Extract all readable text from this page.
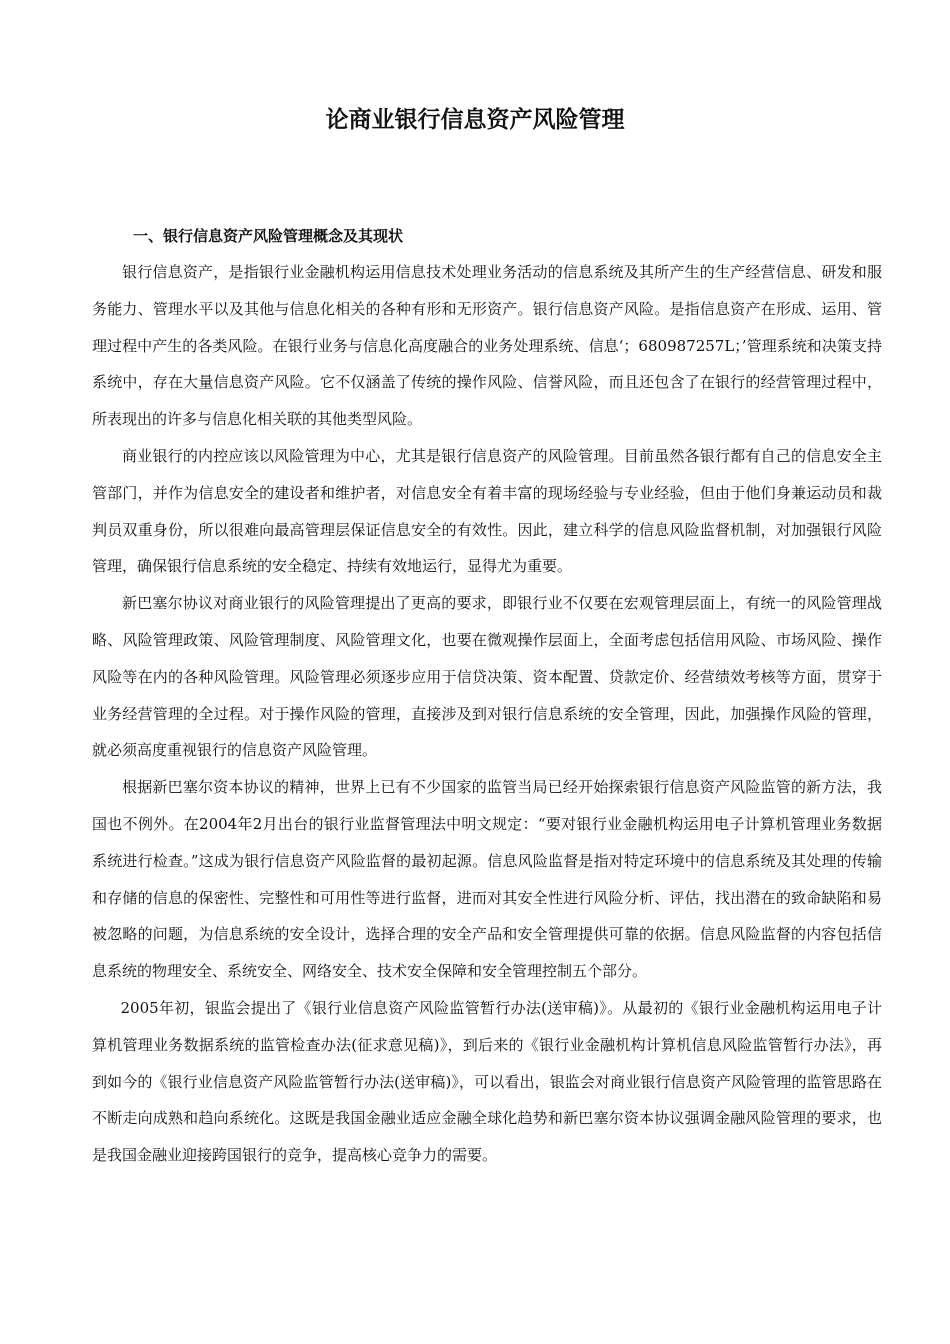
论商业银行信息资产风险管理
一、银行信息资产风险管理概念及其现状

银行信息资产，是指银行业金融机构运用信息技术处理业务活动的信息系统及其所产生的生产经营信息、研发和服务能力、管理水平以及其他与信息化相关的各种有形和无形资产。银行信息资产风险。是指信息资产在形成、运用、管理过程中产生的各类风险。在银行业务与信息化高度融合的业务处理系统、信息‘；680987257L；’管理系统和决策支持系统中，存在大量信息资产风险。它不仅涵盖了传统的操作风险、信誉风险，而且还包含了在银行的经营管理过程中，所表现出的许多与信息化相关联的其他类型风险。

商业银行的内控应该以风险管理为中心，尤其是银行信息资产的风险管理。目前虽然各银行都有自己的信息安全主管部门，并作为信息安全的建设者和维护者，对信息安全有着丰富的现场经验与专业经验，但由于他们身兼运动员和裁判员双重身份，所以很难向最高管理层保证信息安全的有效性。因此，建立科学的信息风险监督机制，对加强银行风险管理，确保银行信息系统的安全稳定、持续有效地运行，显得尤为重要。

新巴塞尔协议对商业银行的风险管理提出了更高的要求，即银行业不仅要在宏观管理层面上，有统一的风险管理战略、风险管理政策、风险管理制度、风险管理文化，也要在微观操作层面上，全面考虑包括信用风险、市场风险、操作风险等在内的各种风险管理。风险管理必须逐步应用于信贷决策、资本配置、贷款定价、经营绩效考核等方面，贯穿于业务经营管理的全过程。对于操作风险的管理，直接涉及到对银行信息系统的安全管理，因此，加强操作风险的管理，就必须高度重视银行的信息资产风险管理。

根据新巴塞尔资本协议的精神，世界上已有不少国家的监管当局已经开始探索银行信息资产风险监管的新方法，我国也不例外。在2004年2月出台的银行业监督管理法中明文规定：“要对银行业金融机构运用电子计算机管理业务数据系统进行检查。”这成为银行信息资产风险监督的最初起源。信息风险监督是指对特定环境中的信息系统及其处理的传输和存储的信息的保密性、完整性和可用性等进行监督，进而对其安全性进行风险分析、评估，找出潜在的致命缺陷和易被忽略的问题，为信息系统的安全设计，选择合理的安全产品和安全管理提供可靠的依据。信息风险监督的内容包括信息系统的物理安全、系统安全、网络安全、技术安全保障和安全管理控制五个部分。

2005年初，银监会提出了《银行业信息资产风险监管暂行办法(送审稿)》。从最初的《银行业金融机构运用电子计算机管理业务数据系统的监管检查办法(征求意见稿)》，到后来的《银行业金融机构计算机信息风险监管暂行办法》，再到如今的《银行业信息资产风险监管暂行办法(送审稿)》，可以看出，银监会对商业银行信息资产风险管理的监管思路在不断走向成熟和趋向系统化。这既是我国金融业适应金融全球化趋势和新巴塞尔资本协议强调金融风险管理的要求，也是我国金融业迎接跨国银行的竞争，提高核心竞争力的需要。
